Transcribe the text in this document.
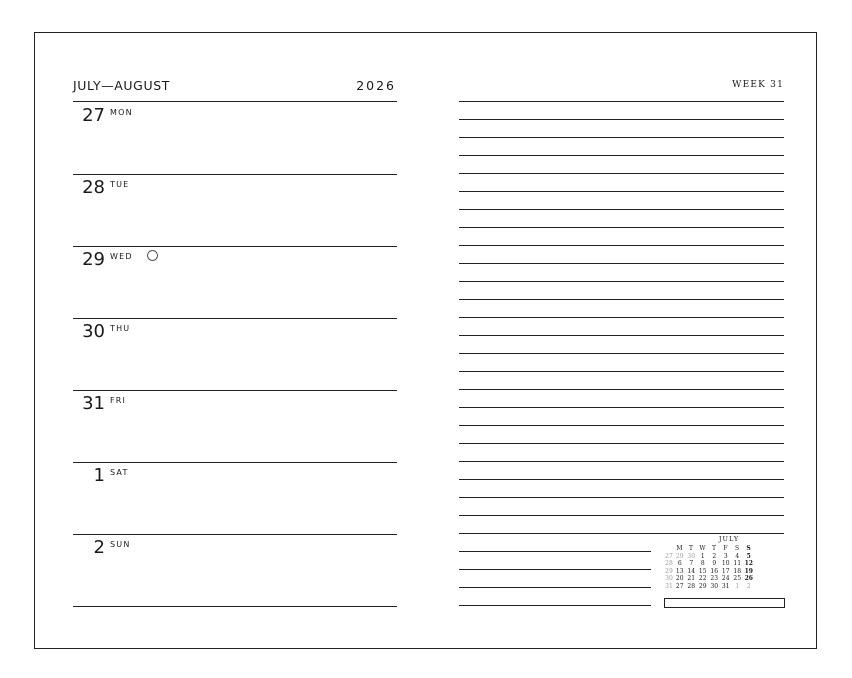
JULY—AUGUST	2026	WEEK 31
27 MON
28 TUE
29 WED
30 THU
31 FRI
1 SAT
2 SUN
JULY
	M	T	W	T	F	S	S
27	29	30	1	2	3	4	5
28	6	7	8	9	10	11	12
29	13	14	15	16	17	18	19
30	20	21	22	23	24	25	26
31	27	28	29	30	31	1	2
